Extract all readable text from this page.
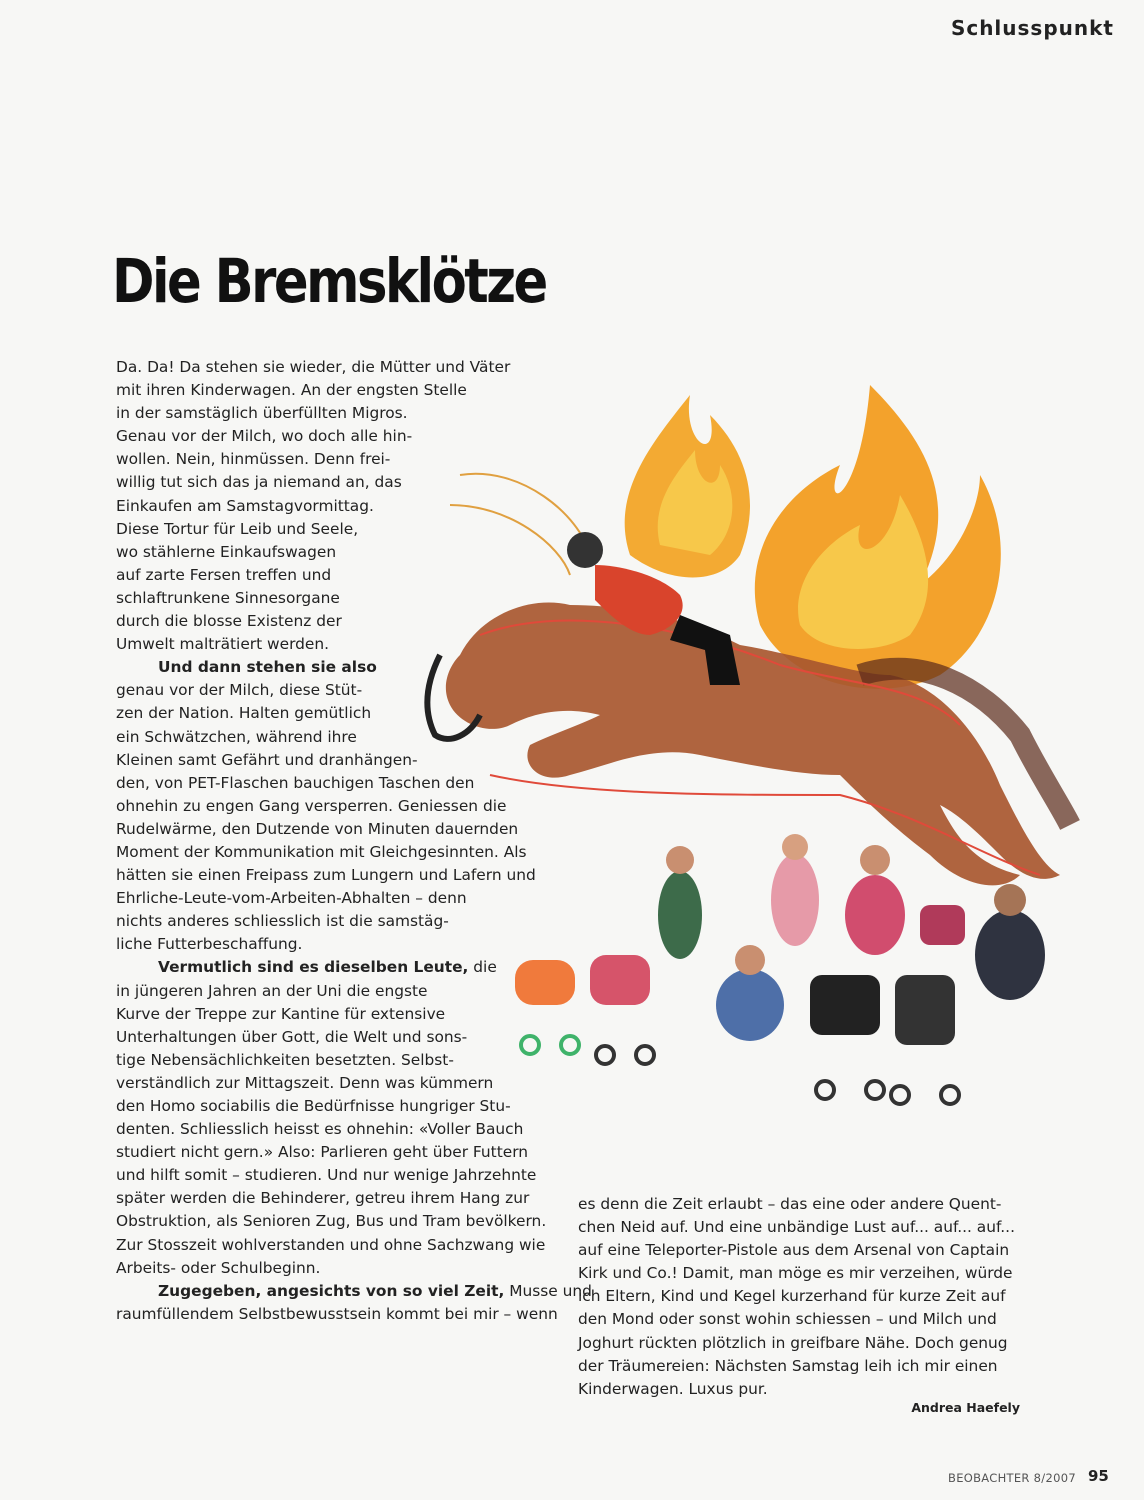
Schlusspunkt
Die Bremsklötze
Da. Da! Da stehen sie wieder, die Mütter und Väter
mit ihren Kinderwagen. An der engsten Stelle
in der samstäglich überfüllten Migros.
Genau vor der Milch, wo doch alle hin-
wollen. Nein, hinmüssen. Denn frei-
willig tut sich das ja niemand an, das
Einkaufen am Samstagvormittag.
Diese Tortur für Leib und Seele,
wo stählerne Einkaufswagen
auf zarte Fersen treffen und
schlaftrunkene Sinnesorgane
durch die blosse Existenz der
Umwelt malträtiert werden.
Und dann stehen sie also
genau vor der Milch, diese Stüt-
zen der Nation. Halten gemütlich
ein Schwätzchen, während ihre
Kleinen samt Gefährt und dranhängen-
den, von PET-Flaschen bauchigen Taschen den
ohnehin zu engen Gang versperren. Geniessen die
Rudelwärme, den Dutzende von Minuten dauernden
Moment der Kommunikation mit Gleichgesinnten. Als
hätten sie einen Freipass zum Lungern und Lafern und
Ehrliche-Leute-vom-Arbeiten-Abhalten – denn
nichts anderes schliesslich ist die samstäg-
liche Futterbeschaffung.
Vermutlich sind es dieselben Leute, die
in jüngeren Jahren an der Uni die engste
Kurve der Treppe zur Kantine für extensive
Unterhaltungen über Gott, die Welt und sons-
tige Nebensächlichkeiten besetzten. Selbst-
verständlich zur Mittagszeit. Denn was kümmern
den Homo sociabilis die Bedürfnisse hungriger Stu-
denten. Schliesslich heisst es ohnehin: «Voller Bauch
studiert nicht gern.» Also: Parlieren geht über Futtern
und hilft somit – studieren. Und nur wenige Jahrzehnte
später werden die Behinderer, getreu ihrem Hang zur
Obstruktion, als Senioren Zug, Bus und Tram bevölkern.
Zur Stosszeit wohlverstanden und ohne Sachzwang wie
Arbeits- oder Schulbeginn.
Zugegeben, angesichts von so viel Zeit, Musse und
raumfüllendem Selbstbewusstsein kommt bei mir – wenn
es denn die Zeit erlaubt – das eine oder andere Quent-
chen Neid auf. Und eine unbändige Lust auf... auf... auf...
auf eine Teleporter-Pistole aus dem Arsenal von Captain
Kirk und Co.! Damit, man möge es mir verzeihen, würde
ich Eltern, Kind und Kegel kurzerhand für kurze Zeit auf
den Mond oder sonst wohin schiessen – und Milch und
Joghurt rückten plötzlich in greifbare Nähe. Doch genug
der Träumereien: Nächsten Samstag leih ich mir einen
Kinderwagen. Luxus pur.
Andrea Haefely
BEOBACHTER 8/2007 95
